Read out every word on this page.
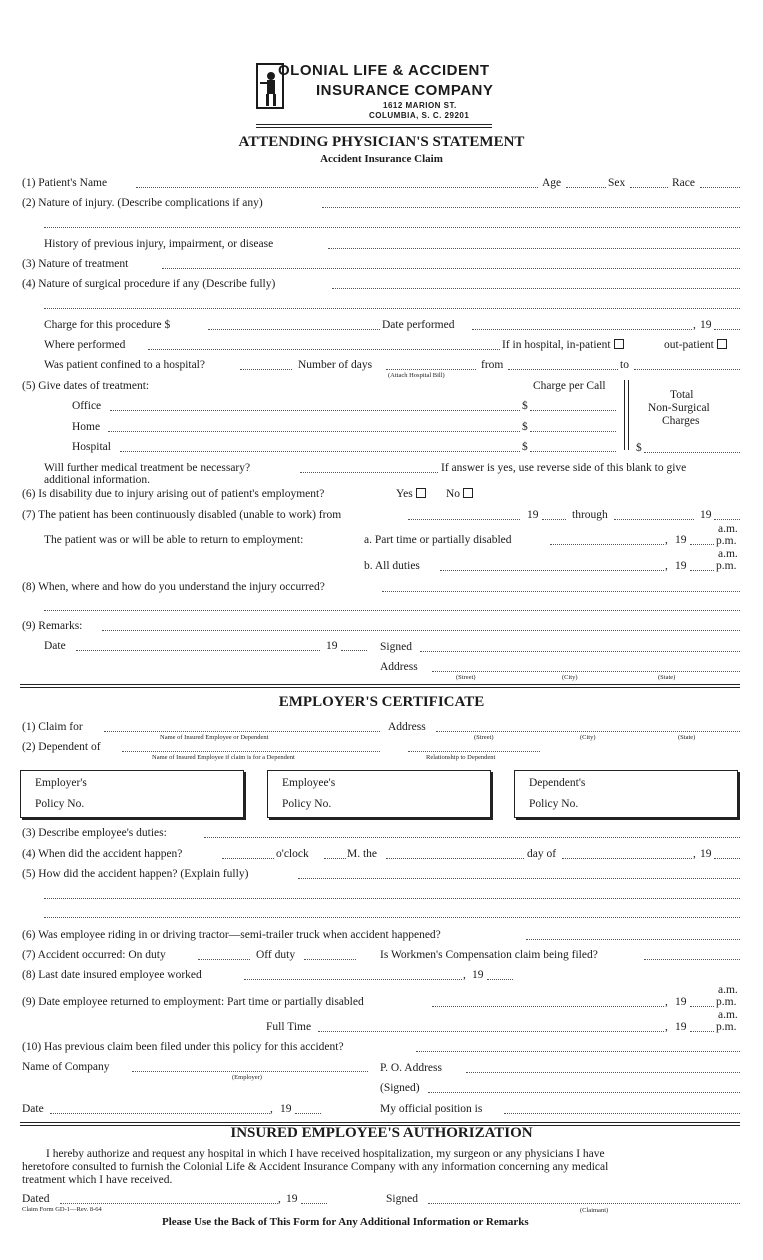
OLONIAL LIFE & ACCIDENT
INSURANCE COMPANY
1612 MARION ST.
COLUMBIA, S. C. 29201
ATTENDING PHYSICIAN'S STATEMENT
Accident Insurance Claim
(1) Patient's Name	Age	Sex	Race
(2) Nature of injury. (Describe complications if any)
History of previous injury, impairment, or disease
(3) Nature of treatment
(4) Nature of surgical procedure if any (Describe fully)
Charge for this procedure $	Date performed	, 19
Where performed	If in hospital, in-patient	out-patient
Was patient confined to a hospital?	Number of days
(Attach Hospital Bill)
from	to
(5) Give dates of treatment:	Charge per Call
Total
Non-Surgical
Charges
Office	$
Home	$
Hospital	$	$
Will further medical treatment be necessary?	If answer is yes, use reverse side of this blank to give
additional information.
(6) Is disability due to injury arising out of patient's employment?	Yes	No
(7) The patient has been continuously disabled (unable to work) from	19	through	19
a.m.
The patient was or will be able to return to employment:	a. Part time or partially disabled	, 19	p.m.
a.m.
b. All duties	, 19	p.m.
(8) When, where and how do you understand the injury occurred?
(9) Remarks:
Date	19	Signed
Address
(Street)	(City)	(State)
EMPLOYER'S CERTIFICATE
(1) Claim for
Name of Insured Employee or Dependent
Address
(Street)	(City)	(State)
(2) Dependent of
Name of Insured Employee if claim is for a Dependent	Relationship to Dependent
Employer's
Policy No.
Employee's
Policy No.
Dependent's
Policy No.
(3) Describe employee's duties:
(4) When did the accident happen?	o'clock	M. the	day of	, 19
(5) How did the accident happen? (Explain fully)
(6) Was employee riding in or driving tractor—semi-trailer truck when accident happened?
(7) Accident occurred: On duty	Off duty	Is Workmen's Compensation claim being filed?
(8) Last date insured employee worked	, 19
a.m.
(9) Date employee returned to employment: Part time or partially disabled	, 19	p.m.
a.m.
Full Time	, 19	p.m.
(10) Has previous claim been filed under this policy for this accident?
Name of Company
(Employer)
P. O. Address
(Signed)
Date	, 19	My official position is
INSURED EMPLOYEE'S AUTHORIZATION
I hereby authorize and request any hospital in which I have received hospitalization, my surgeon or any physicians I have
heretofore consulted to furnish the Colonial Life & Accident Insurance Company with any information concerning any medical
treatment which I have received.
Dated	, 19	Signed
(Claimant)
Claim Form GD-1—Rev. 8-64
Please Use the Back of This Form for Any Additional Information or Remarks
